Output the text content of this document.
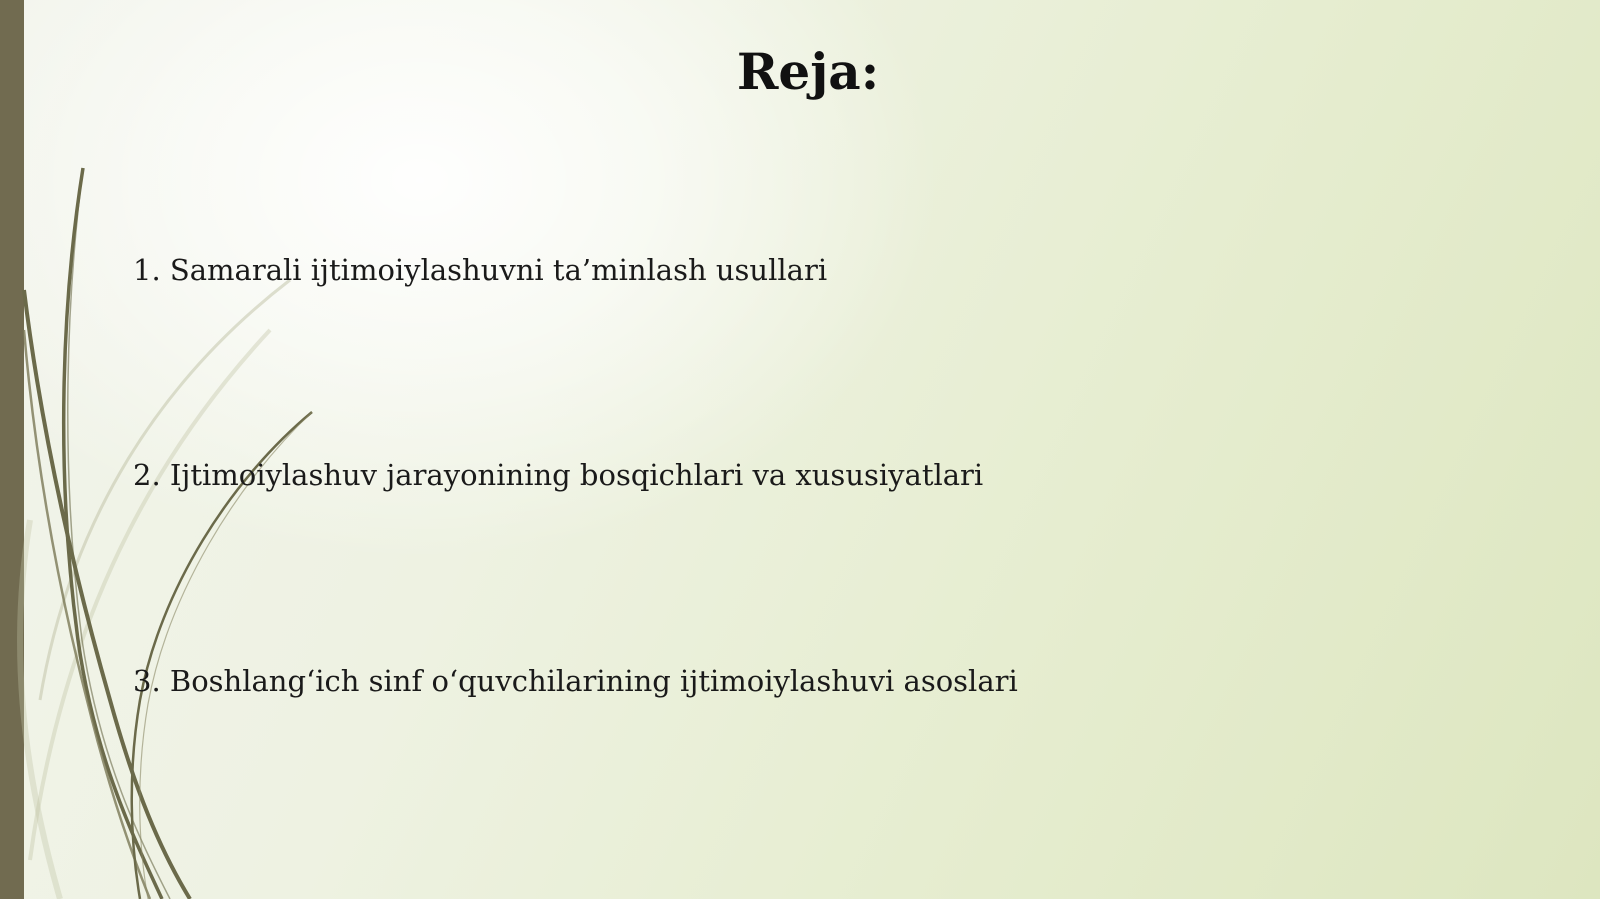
Reja:
1. Samarali ijtimoiylashuvni ta’minlash usullari
2. Ijtimoiylashuv jarayonining bosqichlari va xususiyatlari
3. Boshlang‘ich sinf o‘quvchilarining ijtimoiylashuvi asoslari
